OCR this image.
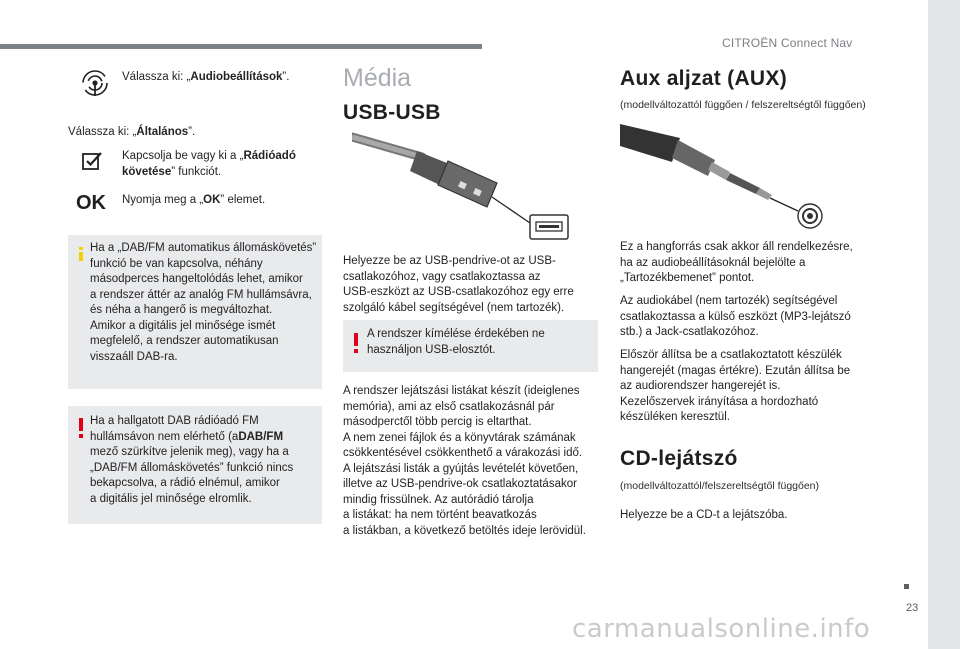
CITROËN Connect Nav
23

Válassza ki: „Audiobeállítások”.

Válassza ki: „Általános”.

Kapcsolja be vagy ki a „Rádióadó követése” funkciót.

OK Nyomja meg a „OK” elemet.

Ha a „DAB/FM automatikus állomáskövetés”
funkció be van kapcsolva, néhány
másodperces hangeltolódás lehet, amikor
a rendszer áttér az analóg FM hullámsávra,
és néha a hangerő is megváltozhat.
Amikor a digitális jel minősége ismét
megfelelő, a rendszer automatikusan
visszaáll DAB-ra.
Ha a hallgatott DAB rádióadó FM
hullámsávon nem elérhető (aDAB/FM
mező szürkítve jelenik meg), vagy ha a
„DAB/FM állomáskövetés” funkció nincs
bekapcsolva, a rádió elnémul, amikor
a digitális jel minősége elromlik.
Média
USB-USB
Helyezze be az USB-pendrive-ot az USB-
csatlakozóhoz, vagy csatlakoztassa az
USB-eszközt az USB-csatlakozóhoz egy erre
szolgáló kábel segítségével (nem tartozék).
A rendszer kímélése érdekében ne
használjon USB-elosztót.
A rendszer lejátszási listákat készít (ideiglenes
memória), ami az első csatlakozásnál pár
másodperctől több percig is eltarthat.
A nem zenei fájlok és a könyvtárak számának
csökkentésével csökkenthető a várakozási idő.
A lejátszási listák a gyújtás levételét követően,
illetve az USB-pendrive-ok csatlakoztatásakor
mindig frissülnek. Az autórádió tárolja
a listákat: ha nem történt beavatkozás
a listákban, a következő betöltés ideje lerövidül.
Aux aljzat (AUX)
(modellváltozattól függően / felszereltségtől függően)
Ez a hangforrás csak akkor áll rendelkezésre,
ha az audiobeállításoknál bejelölte a
„Tartozékbemenet” pontot.
Az audiokábel (nem tartozék) segítségével
csatlakoztassa a külső eszközt (MP3-lejátszó
stb.) a Jack-csatlakozóhoz.
Először állítsa be a csatlakoztatott készülék
hangerejét (magas értékre). Ezután állítsa be
az audiorendszer hangerejét is.
Kezelőszervek irányítása a hordozható
készüléken keresztül.
CD-lejátszó
(modellváltozattól/felszereltségtől függően)
Helyezze be a CD-t a lejátszóba.
carmanualsonline.info
